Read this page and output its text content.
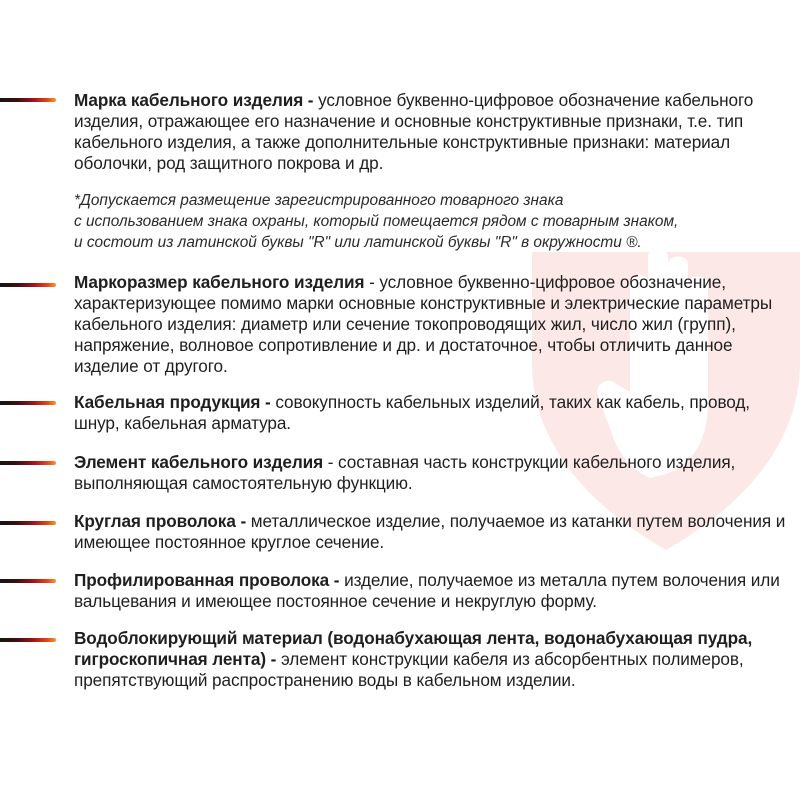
Марка кабельного изделия - условное буквенно-цифровое обозначение кабельного изделия, отражающее его назначение и основные конструктивные признаки, т.е. тип кабельного изделия, а также дополнительные конструктивные признаки: материал оболочки, род защитного покрова и др.
*Допускается размещение зарегистрированного товарного знака
с использованием знака охраны, который помещается рядом с товарным знаком,
и состоит из латинской буквы "R" или латинской буквы "R" в окружности ®.
Маркоразмер кабельного изделия - условное буквенно-цифровое обозначение, характеризующее помимо марки основные конструктивные и электрические параметры кабельного изделия: диаметр или сечение токопроводящих жил, число жил (групп), напряжение, волновое сопротивление и др. и достаточное, чтобы отличить данное изделие от другого.
Кабельная продукция - совокупность кабельных изделий, таких как кабель, провод, шнур, кабельная арматура.
Элемент кабельного изделия - составная часть конструкции кабельного изделия, выполняющая самостоятельную функцию.
Круглая проволока - металлическое изделие, получаемое из катанки путем волочения и имеющее постоянное круглое сечение.
Профилированная проволока - изделие, получаемое из металла путем волочения или вальцевания и имеющее постоянное сечение и некруглую форму.
Водоблокирующий материал (водонабухающая лента, водонабухающая пудра, гигроскопичная лента) - элемент конструкции кабеля из абсорбентных полимеров, препятствующий распространению воды в кабельном изделии.
